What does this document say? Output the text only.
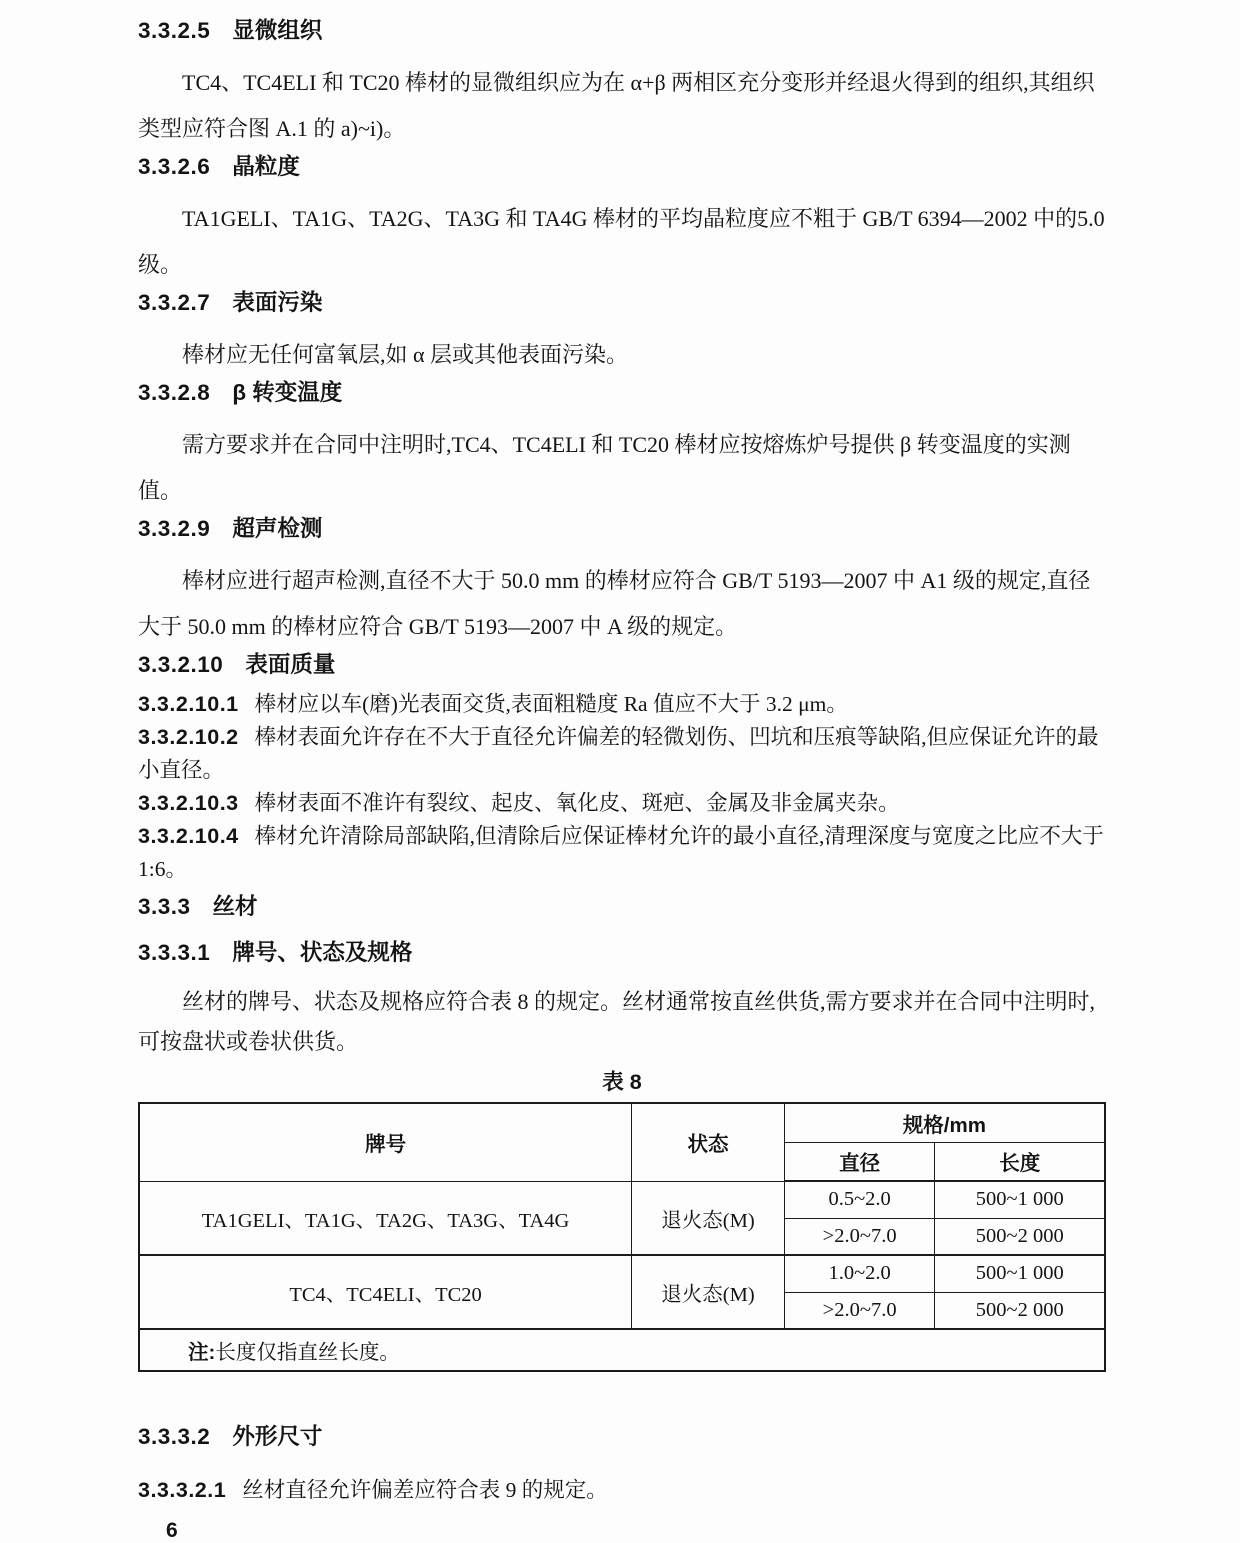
3.3.2.5 显微组织

TC4、TC4ELI 和 TC20 棒材的显微组织应为在 α+β 两相区充分变形并经退火得到的组织,其组织类型应符合图 A.1 的 a)~i)。

3.3.2.6 晶粒度

TA1GELI、TA1G、TA2G、TA3G 和 TA4G 棒材的平均晶粒度应不粗于 GB/T 6394—2002 中的5.0级。

3.3.2.7 表面污染

棒材应无任何富氧层,如 α 层或其他表面污染。

3.3.2.8 β 转变温度

需方要求并在合同中注明时,TC4、TC4ELI 和 TC20 棒材应按熔炼炉号提供 β 转变温度的实测值。

3.3.2.9 超声检测

棒材应进行超声检测,直径不大于 50.0 mm 的棒材应符合 GB/T 5193—2007 中 A1 级的规定,直径大于 50.0 mm 的棒材应符合 GB/T 5193—2007 中 A 级的规定。

3.3.2.10 表面质量

3.3.2.10.1 棒材应以车(磨)光表面交货,表面粗糙度 Ra 值应不大于 3.2 μm。

3.3.2.10.2 棒材表面允许存在不大于直径允许偏差的轻微划伤、凹坑和压痕等缺陷,但应保证允许的最小直径。

3.3.2.10.3 棒材表面不准许有裂纹、起皮、氧化皮、斑疤、金属及非金属夹杂。

3.3.2.10.4 棒材允许清除局部缺陷,但清除后应保证棒材允许的最小直径,清理深度与宽度之比应不大于 1:6。

3.3.3 丝材
3.3.3.1 牌号、状态及规格

丝材的牌号、状态及规格应符合表 8 的规定。丝材通常按直丝供货,需方要求并在合同中注明时,可按盘状或卷状供货。

表 8
牌号	状态	规格/mm	
		直径	长度
TA1GELI、TA1G、TA2G、TA3G、TA4G	退火态(M)	0.5~2.0	500~1 000
		>2.0~7.0	500~2 000
TC4、TC4ELI、TC20	退火态(M)	1.0~2.0	500~1 000
		>2.0~7.0	500~2 000
注:长度仅指直丝长度。			
3.3.3.2 外形尺寸

3.3.3.2.1 丝材直径允许偏差应符合表 9 的规定。

6
